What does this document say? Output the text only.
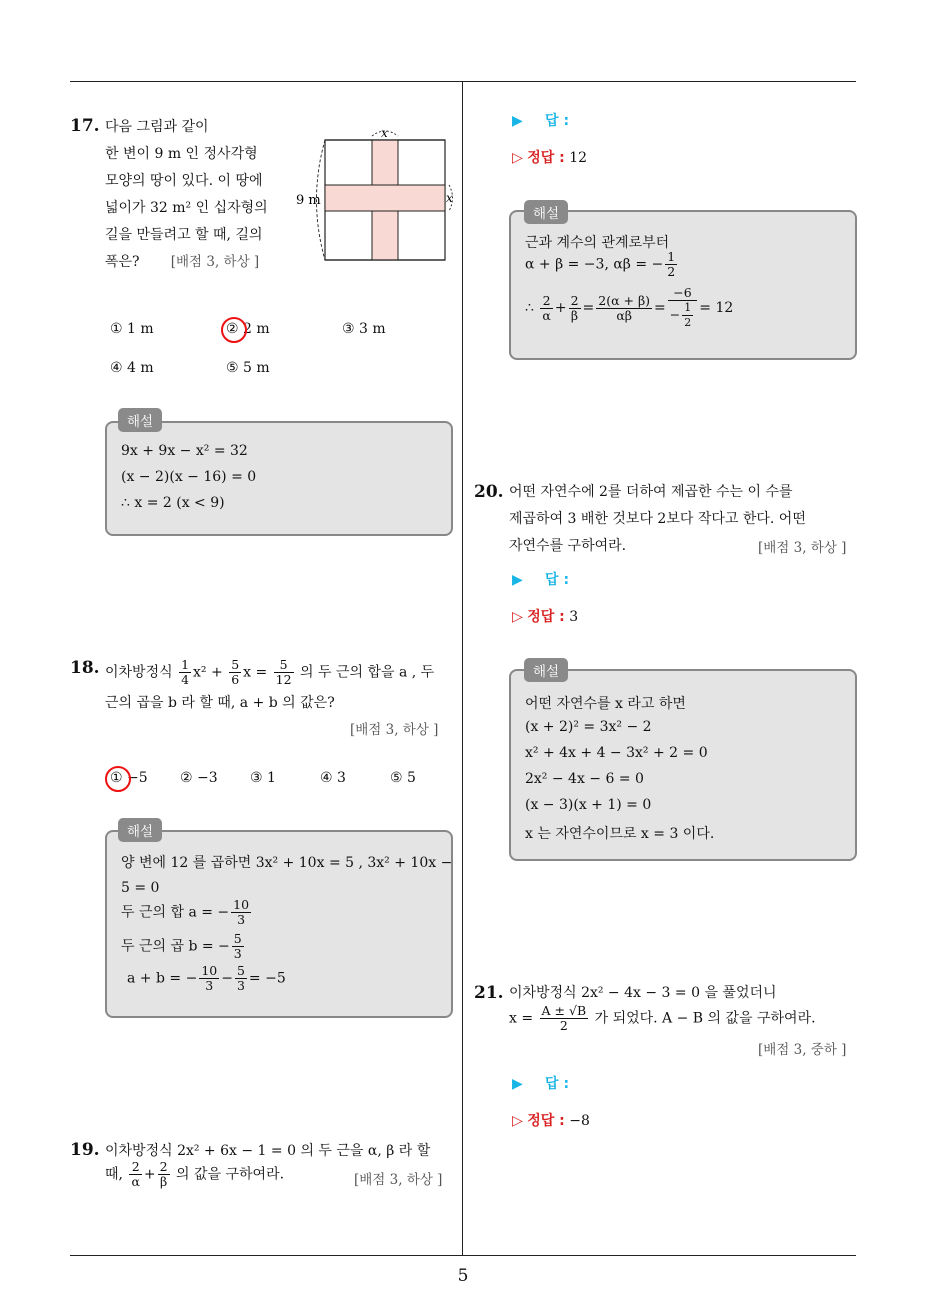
17. 다음 그림과 같이
한 변이 9 m 인 정사각형
모양의 땅이 있다. 이 땅에
넓이가 32 m² 인 십자형의
길을 만들려고 할 때, 길의
폭은? [배점 3, 하상 ]
x
9 m	x
① 1 m	② 2 m	③ 3 m
④ 4 m	⑤ 5 m
9x + 9x − x² = 32
(x − 2)(x − 16) = 0
∴ x = 2 (x < 9)
해설
18. 이차방정식 $\frac{1}{4} x^2 + \frac{5}{6}$ $x = \frac{5}{12}$ 의 두 근의 합을 a , 두
근의 곱을 b 라 할 때, a + b 의 값은?
[배점 3, 하상 ]
① −5 ② −3 ③ 1	④ 3	⑤ 5
양 변에 12 를 곱하면 3x² + 10x = 5 , 3x² + 10x −
5 = 0
두 근의 합 a = − $\frac{10}{3}$
두 근의 곱 b = − $\frac{5}{3}$
a + b = − $\frac{10}{3} - \frac{5}{3} = -5$
해설
19. 이차방정식 2x² + 6x − 1 = 0 의 두 근을 α, β 라 할
때, $\frac{2}{\alpha} + \frac{2}{\beta}$ 의 값을 구하여라.	[배점 3, 하상 ]
▶ 답 :
▷ 정답 : 12
근과 계수의 관계로부터
α + β = −3, αβ = − $\frac{1}{2}$
∴ $\frac{2}{\alpha} + \frac{2}{\beta} = \frac{2(\alpha + \beta)}{\alpha\beta} = \frac{-6}{- \frac{1}{2}} = 12$
해설
20. 어떤 자연수에 2를 더하여 제곱한 수는 이 수를
제곱하여 3 배한 것보다 2보다 작다고 한다. 어떤
자연수를 구하여라.	[배점 3, 하상 ]
▶ 답 :
▷ 정답 : 3
어떤 자연수를 x 라고 하면
(x + 2)² = 3x² − 2
x² + 4x + 4 − 3x² + 2 = 0
2x² − 4x − 6 = 0
(x − 3)(x + 1) = 0
x 는 자연수이므로 x = 3 이다.
해설
21. 이차방정식 2x² − 4x − 3 = 0 을 풀었더니
$x = \frac{A \pm √B}{2}$ 가 되었다. A − B 의 값을 구하여라.
[배점 3, 중하 ]
▶ 답 :
▷ 정답 : −8
5
